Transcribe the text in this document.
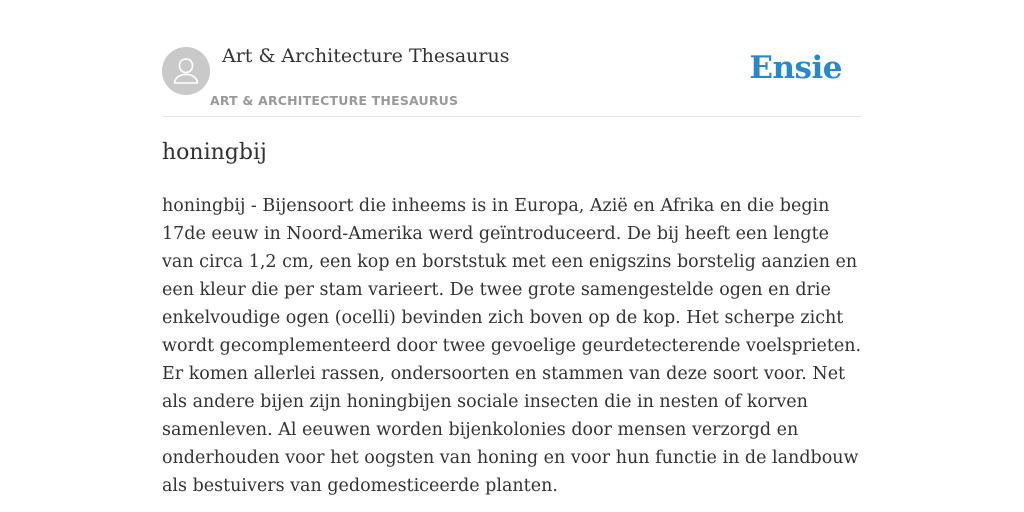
Art & Architecture Thesaurus
ART & ARCHITECTURE THESAURUS
Ensie
honingbij

honingbij - Bijensoort die inheems is in Europa, Azië en Afrika en die begin 17de eeuw in Noord-Amerika werd geïntroduceerd. De bij heeft een lengte van circa 1,2 cm, een kop en borststuk met een enigszins borstelig aanzien en een kleur die per stam varieert. De twee grote samengestelde ogen en drie enkelvoudige ogen (ocelli) bevinden zich boven op de kop. Het scherpe zicht wordt gecomplementeerd door twee gevoelige geurdetecterende voelsprieten. Er komen allerlei rassen, ondersoorten en stammen van deze soort voor. Net als andere bijen zijn honingbijen sociale insecten die in nesten of korven samenleven. Al eeuwen worden bijenkolonies door mensen verzorgd en onderhouden voor het oogsten van honing en voor hun functie in de landbouw als bestuivers van gedomesticeerde planten.
